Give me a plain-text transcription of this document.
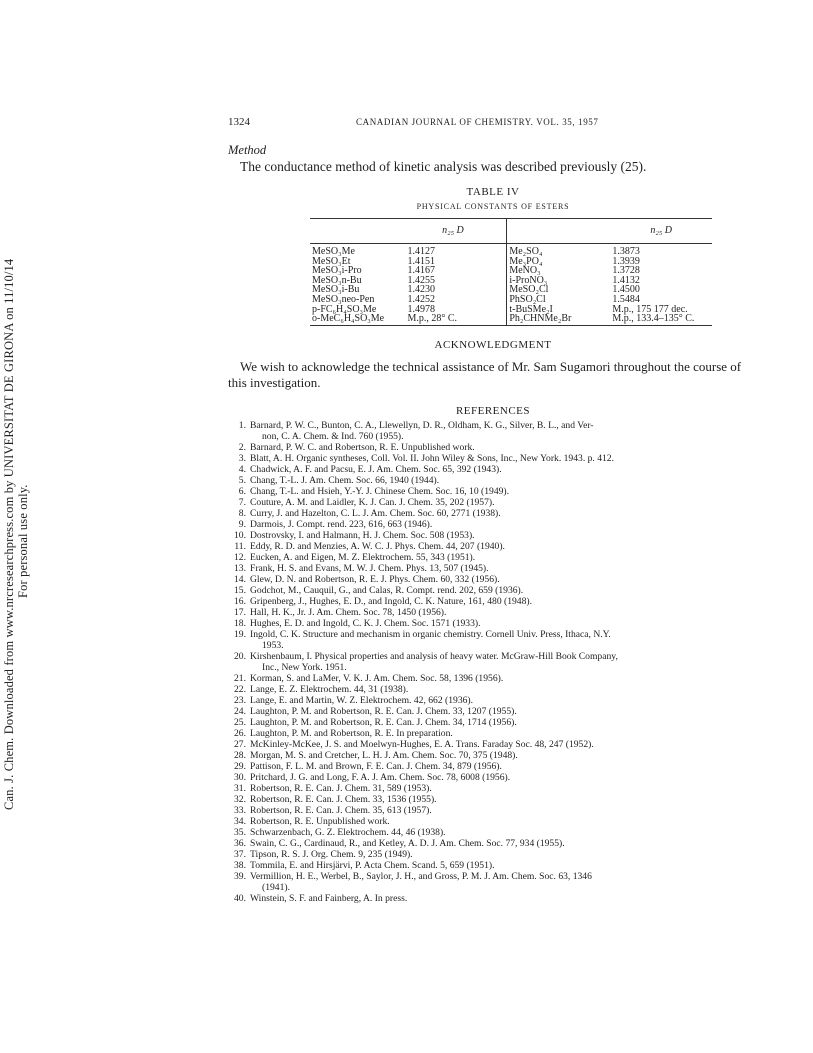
Can. J. Chem. Downloaded from www.nrcresearchpress.com by UNIVERSITAT DE GIRONA on 11/10/14 For personal use only.
1324	CANADIAN JOURNAL OF CHEMISTRY. VOL. 35, 1957
Method
The conductance method of kinetic analysis was described previously (25).
TABLE IV
PHYSICAL CONSTANTS OF ESTERS
	n₂₅ D			n₂₅ D
MeSO₃Me	1.4127		Me₂SO₄	1.3873
MeSO₃Et	1.4151		Me₃PO₄	1.3939
MeSO₃i-Pro	1.4167		MeNO₃	1.3728
MeSO₃n-Bu	1.4255		i-ProNO₃	1.4132
MeSO₃i-Bu	1.4230		MeSO₂Cl	1.4500
MeSO₃neo-Pen	1.4252		PhSO₂Cl	1.5484
p-FC₆H₄SO₃Me	1.4978		t-BuSMe₂I	M.p., 175 177 dec.
o-MeC₆H₄SO₃Me	M.p., 28° C.		Ph₂CHNMe₂Br	M.p., 133.4–135° C.
ACKNOWLEDGMENT
We wish to acknowledge the technical assistance of Mr. Sam Sugamori throughout the course of this investigation.
REFERENCES
1. Barnard, P. W. C., Bunton, C. A., Llewellyn, D. R., Oldham, K. G., Silver, B. L., and Ver-
non, C. A. Chem. & Ind. 760 (1955).
2. Barnard, P. W. C. and Robertson, R. E. Unpublished work.
3. Blatt, A. H. Organic syntheses, Coll. Vol. II. John Wiley & Sons, Inc., New York. 1943. p. 412.
4. Chadwick, A. F. and Pacsu, E. J. Am. Chem. Soc. 65, 392 (1943).
5. Chang, T.-L. J. Am. Chem. Soc. 66, 1940 (1944).
6. Chang, T.-L. and Hsieh, Y.-Y. J. Chinese Chem. Soc. 16, 10 (1949).
7. Couture, A. M. and Laidler, K. J. Can. J. Chem. 35, 202 (1957).
8. Curry, J. and Hazelton, C. L. J. Am. Chem. Soc. 60, 2771 (1938).
9. Darmois, J. Compt. rend. 223, 616, 663 (1946).
10. Dostrovsky, I. and Halmann, H. J. Chem. Soc. 508 (1953).
11. Eddy, R. D. and Menzies, A. W. C. J. Phys. Chem. 44, 207 (1940).
12. Eucken, A. and Eigen, M. Z. Elektrochem. 55, 343 (1951).
13. Frank, H. S. and Evans, M. W. J. Chem. Phys. 13, 507 (1945).
14. Glew, D. N. and Robertson, R. E. J. Phys. Chem. 60, 332 (1956).
15. Godchot, M., Cauquil, G., and Calas, R. Compt. rend. 202, 659 (1936).
16. Gripenberg, J., Hughes, E. D., and Ingold, C. K. Nature, 161, 480 (1948).
17. Hall, H. K., Jr. J. Am. Chem. Soc. 78, 1450 (1956).
18. Hughes, E. D. and Ingold, C. K. J. Chem. Soc. 1571 (1933).
19. Ingold, C. K. Structure and mechanism in organic chemistry. Cornell Univ. Press, Ithaca, N.Y.
1953.
20. Kirshenbaum, I. Physical properties and analysis of heavy water. McGraw-Hill Book Company,
Inc., New York. 1951.
21. Korman, S. and LaMer, V. K. J. Am. Chem. Soc. 58, 1396 (1956).
22. Lange, E. Z. Elektrochem. 44, 31 (1938).
23. Lange, E. and Martin, W. Z. Elektrochem. 42, 662 (1936).
24. Laughton, P. M. and Robertson, R. E. Can. J. Chem. 33, 1207 (1955).
25. Laughton, P. M. and Robertson, R. E. Can. J. Chem. 34, 1714 (1956).
26. Laughton, P. M. and Robertson, R. E. In preparation.
27. McKinley-McKee, J. S. and Moelwyn-Hughes, E. A. Trans. Faraday Soc. 48, 247 (1952).
28. Morgan, M. S. and Cretcher, L. H. J. Am. Chem. Soc. 70, 375 (1948).
29. Pattison, F. L. M. and Brown, F. E. Can. J. Chem. 34, 879 (1956).
30. Pritchard, J. G. and Long, F. A. J. Am. Chem. Soc. 78, 6008 (1956).
31. Robertson, R. E. Can. J. Chem. 31, 589 (1953).
32. Robertson, R. E. Can. J. Chem. 33, 1536 (1955).
33. Robertson, R. E. Can. J. Chem. 35, 613 (1957).
34. Robertson, R. E. Unpublished work.
35. Schwarzenbach, G. Z. Elektrochem. 44, 46 (1938).
36. Swain, C. G., Cardinaud, R., and Ketley, A. D. J. Am. Chem. Soc. 77, 934 (1955).
37. Tipson, R. S. J. Org. Chem. 9, 235 (1949).
38. Tommila, E. and Hirsjärvi, P. Acta Chem. Scand. 5, 659 (1951).
39. Vermillion, H. E., Werbel, B., Saylor, J. H., and Gross, P. M. J. Am. Chem. Soc. 63, 1346
(1941).
40. Winstein, S. F. and Fainberg, A. In press.
